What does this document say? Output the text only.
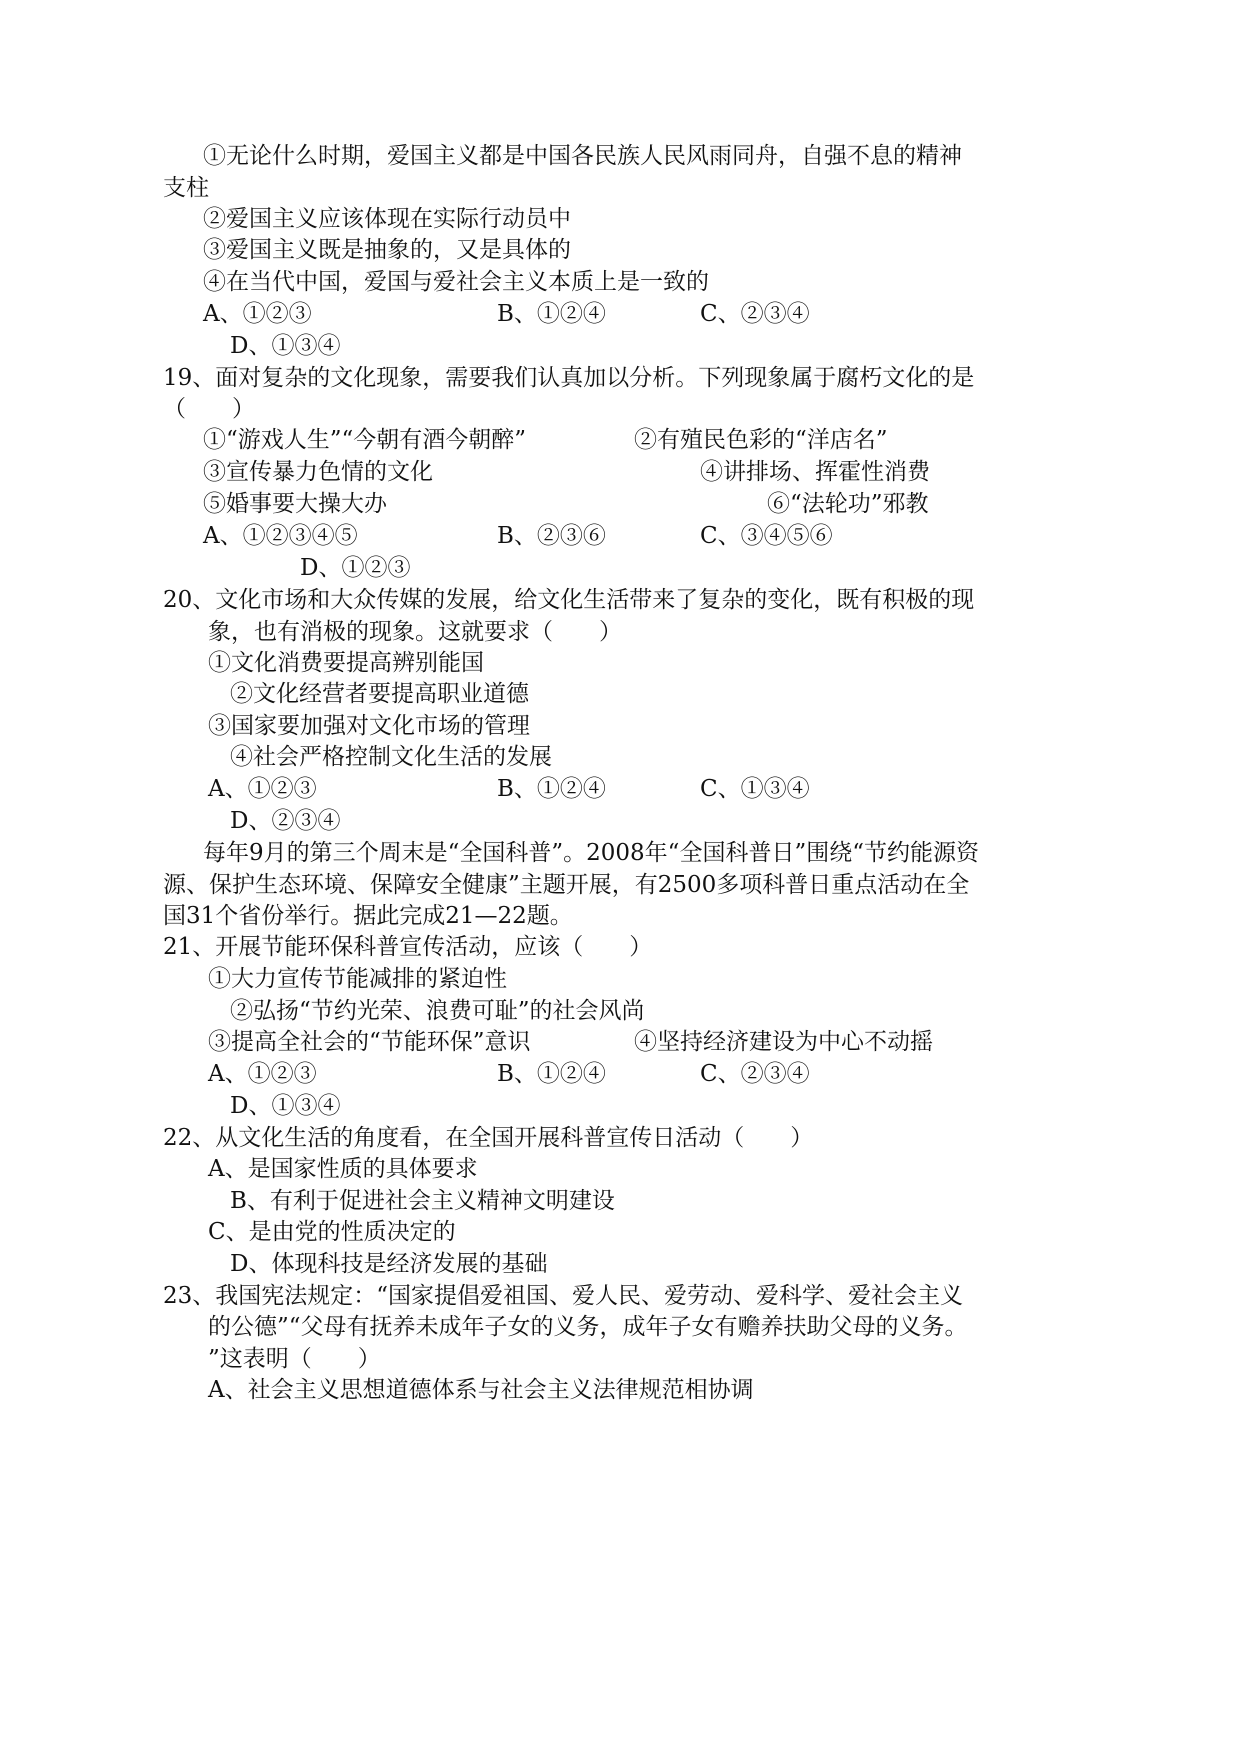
①无论什么时期，爱国主义都是中国各民族人民风雨同舟，自强不息的精神
支柱
②爱国主义应该体现在实际行动员中
③爱国主义既是抽象的，又是具体的
④在当代中国，爱国与爱社会主义本质上是一致的
A、①②③	B、①②④	C、②③④
D、①③④
19、面对复杂的文化现象，需要我们认真加以分析。下列现象属于腐朽文化的是
（　　）
①“游戏人生”“今朝有酒今朝醉”	②有殖民色彩的“洋店名”
③宣传暴力色情的文化	④讲排场、挥霍性消费
⑤婚事要大操大办	⑥“法轮功”邪教
A、①②③④⑤	B、②③⑥	C、③④⑤⑥
D、①②③
20、文化市场和大众传媒的发展，给文化生活带来了复杂的变化，既有积极的现
象，也有消极的现象。这就要求（　　）
①文化消费要提高辨别能国
②文化经营者要提高职业道德
③国家要加强对文化市场的管理
④社会严格控制文化生活的发展
A、①②③	B、①②④	C、①③④
D、②③④
每年9月的第三个周末是“全国科普”。2008年“全国科普日”围绕“节约能源资
源、保护生态环境、保障安全健康”主题开展，有2500多项科普日重点活动在全
国31个省份举行。据此完成21—22题。
21、开展节能环保科普宣传活动，应该（　　）
①大力宣传节能减排的紧迫性
②弘扬“节约光荣、浪费可耻”的社会风尚
③提高全社会的“节能环保”意识	④坚持经济建设为中心不动摇
A、①②③	B、①②④	C、②③④
D、①③④
22、从文化生活的角度看，在全国开展科普宣传日活动（　　）
A、是国家性质的具体要求
B、有利于促进社会主义精神文明建设
C、是由党的性质决定的
D、体现科技是经济发展的基础
23、我国宪法规定：“国家提倡爱祖国、爱人民、爱劳动、爱科学、爱社会主义
的公德”“父母有抚养未成年子女的义务，成年子女有赡养扶助父母的义务。
”这表明（　　）
A、社会主义思想道德体系与社会主义法律规范相协调
